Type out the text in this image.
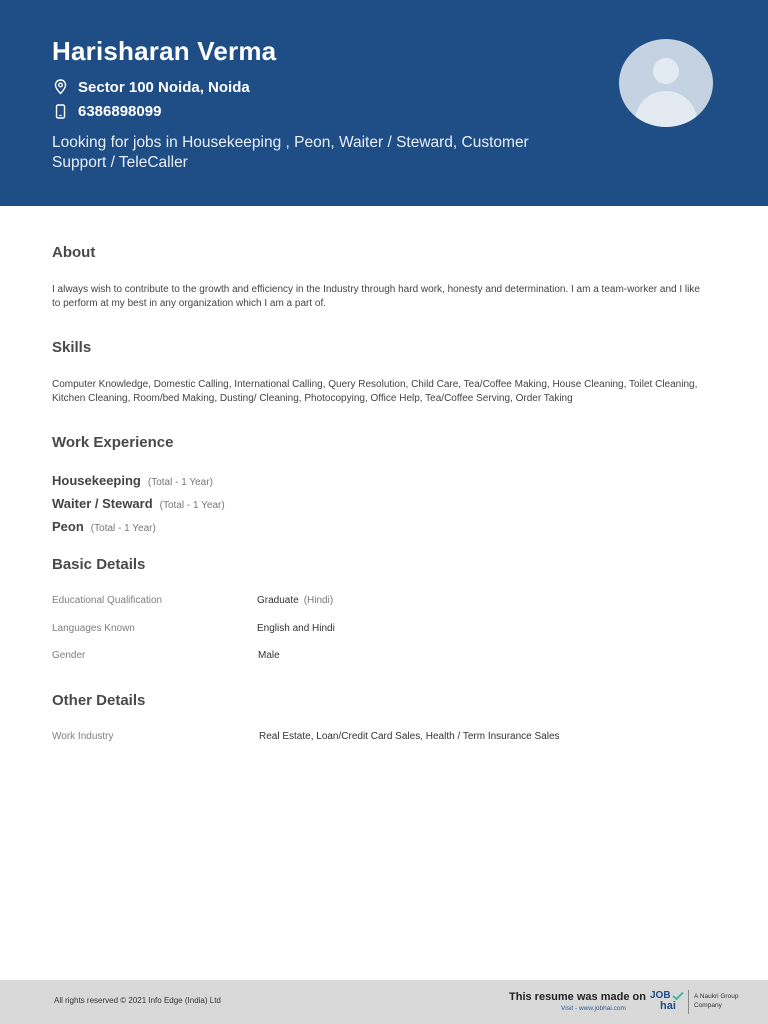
Harisharan Verma
Sector 100 Noida, Noida
6386898099
Looking for jobs in Housekeeping , Peon, Waiter / Steward, Customer Support / TeleCaller
About
I always wish to contribute to the growth and efficiency in the Industry through hard work, honesty and determination. I am a team-worker and I like to perform at my best in any organization which I am a part of.
Skills
Computer Knowledge, Domestic Calling, International Calling, Query Resolution, Child Care, Tea/Coffee Making, House Cleaning, Toilet Cleaning, Kitchen Cleaning, Room/bed Making, Dusting/ Cleaning, Photocopying, Office Help, Tea/Coffee Serving, Order Taking
Work Experience
Housekeeping (Total - 1 Year)
Waiter / Steward (Total - 1 Year)
Peon (Total - 1 Year)
Basic Details
Educational Qualification	Graduate (Hindi)
Languages Known	English and Hindi
Gender	Male
Other Details
Work Industry	Real Estate, Loan/Credit Card Sales, Health / Term Insurance Sales
All rights reserved © 2021 Info Edge (India) Ltd	This resume was made on
Visit - www.jobhai.com
JOB
hai
A Naukri Group Company
